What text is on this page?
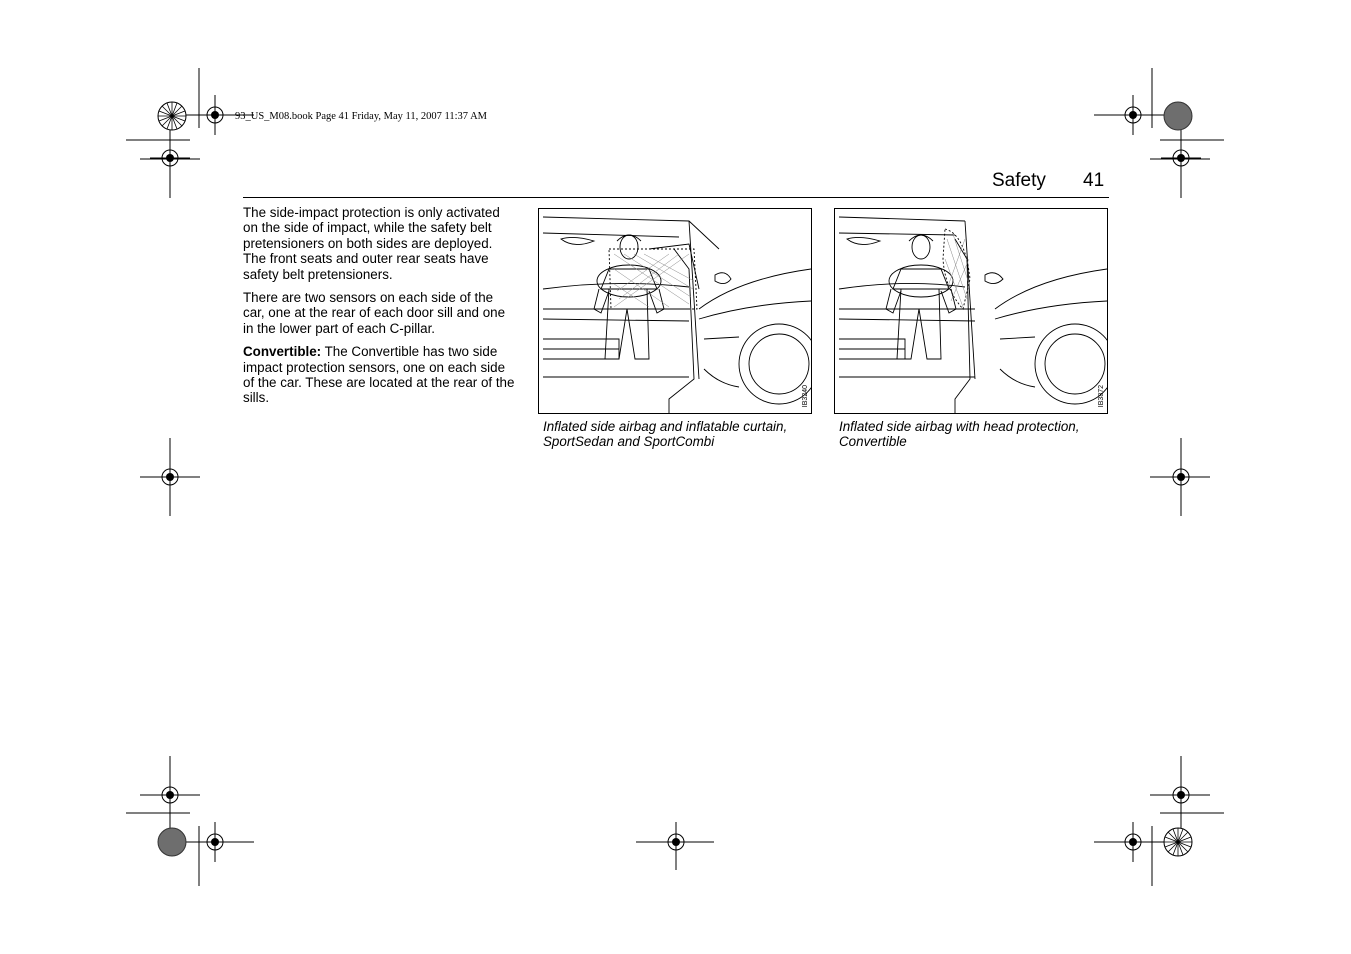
93_US_M08.book Page 41 Friday, May 11, 2007 11:37 AM
Safety 41

The side-impact protection is only activated on the side of impact, while the safety belt pretensioners on both sides are deployed. The front seats and outer rear seats have safety belt pretensioners.

There are two sensors on each side of the car, one at the rear of each door sill and one in the lower part of each C-pillar.

Convertible: The Convertible has two side impact protection sensors, one on each side of the car. These are located at the rear of the sills.	IB3240
Inflated side airbag and inflatable curtain, SportSedan and SportCombi
IB3872
Inflated side airbag with head protection, Convertible
